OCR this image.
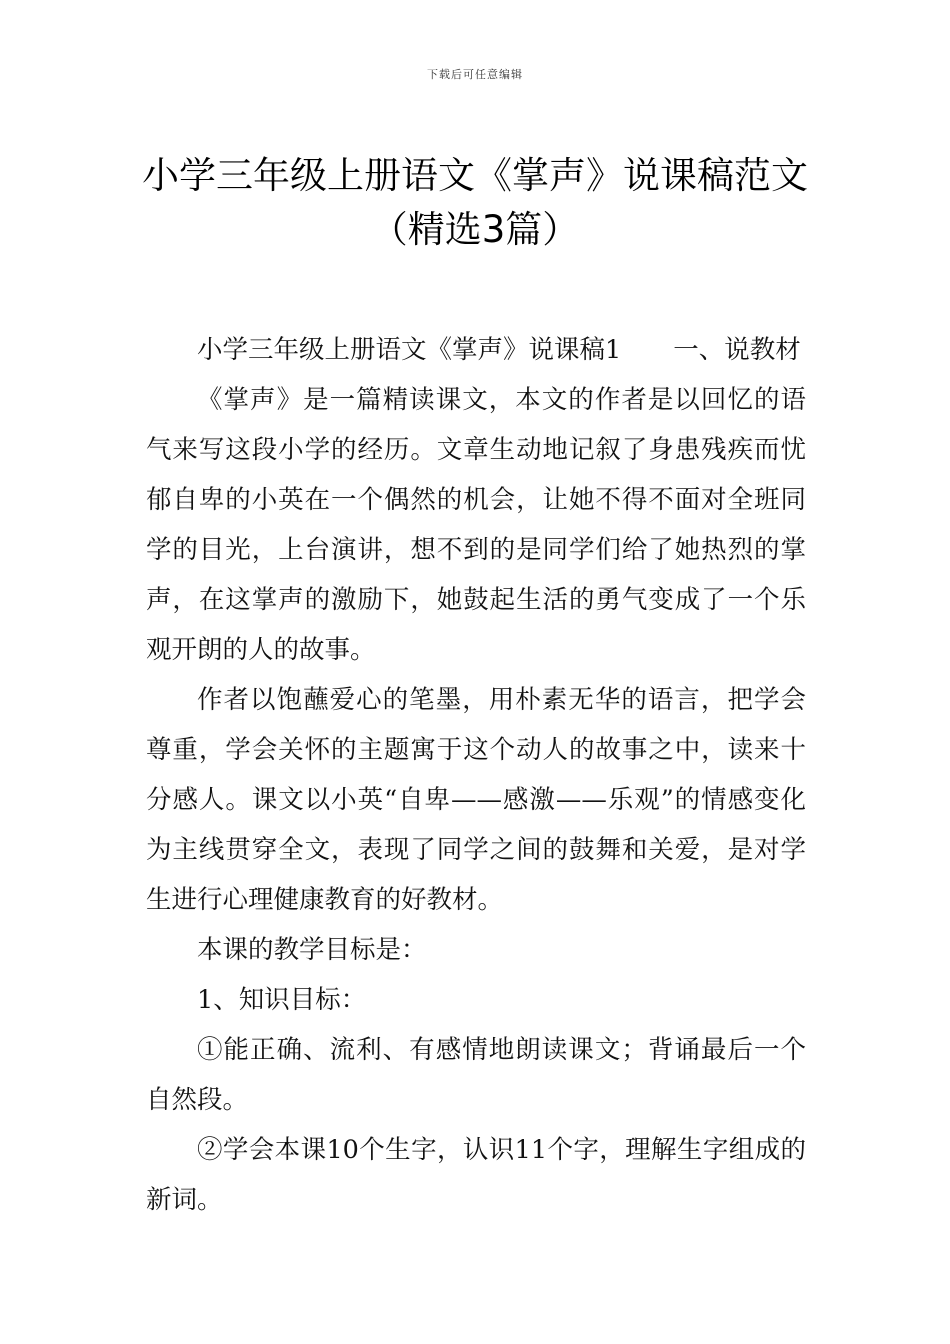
下载后可任意编辑
小学三年级上册语文《掌声》说课稿范文
（精选3篇）

小学三年级上册语文《掌声》说课稿1 一、说教材

《掌声》是一篇精读课文，本文的作者是以回忆的语气来写这段小学的经历。文章生动地记叙了身患残疾而忧郁自卑的小英在一个偶然的机会，让她不得不面对全班同学的目光，上台演讲，想不到的是同学们给了她热烈的掌声，在这掌声的激励下，她鼓起生活的勇气变成了一个乐观开朗的人的故事。

作者以饱蘸爱心的笔墨，用朴素无华的语言，把学会尊重，学会关怀的主题寓于这个动人的故事之中，读来十分感人。课文以小英“自卑——感激——乐观”的情感变化为主线贯穿全文，表现了同学之间的鼓舞和关爱，是对学生进行心理健康教育的好教材。

本课的教学目标是：

1、知识目标：

①能正确、流利、有感情地朗读课文；背诵最后一个自然段。

②学会本课10个生字，认识11个字，理解生字组成的新词。
